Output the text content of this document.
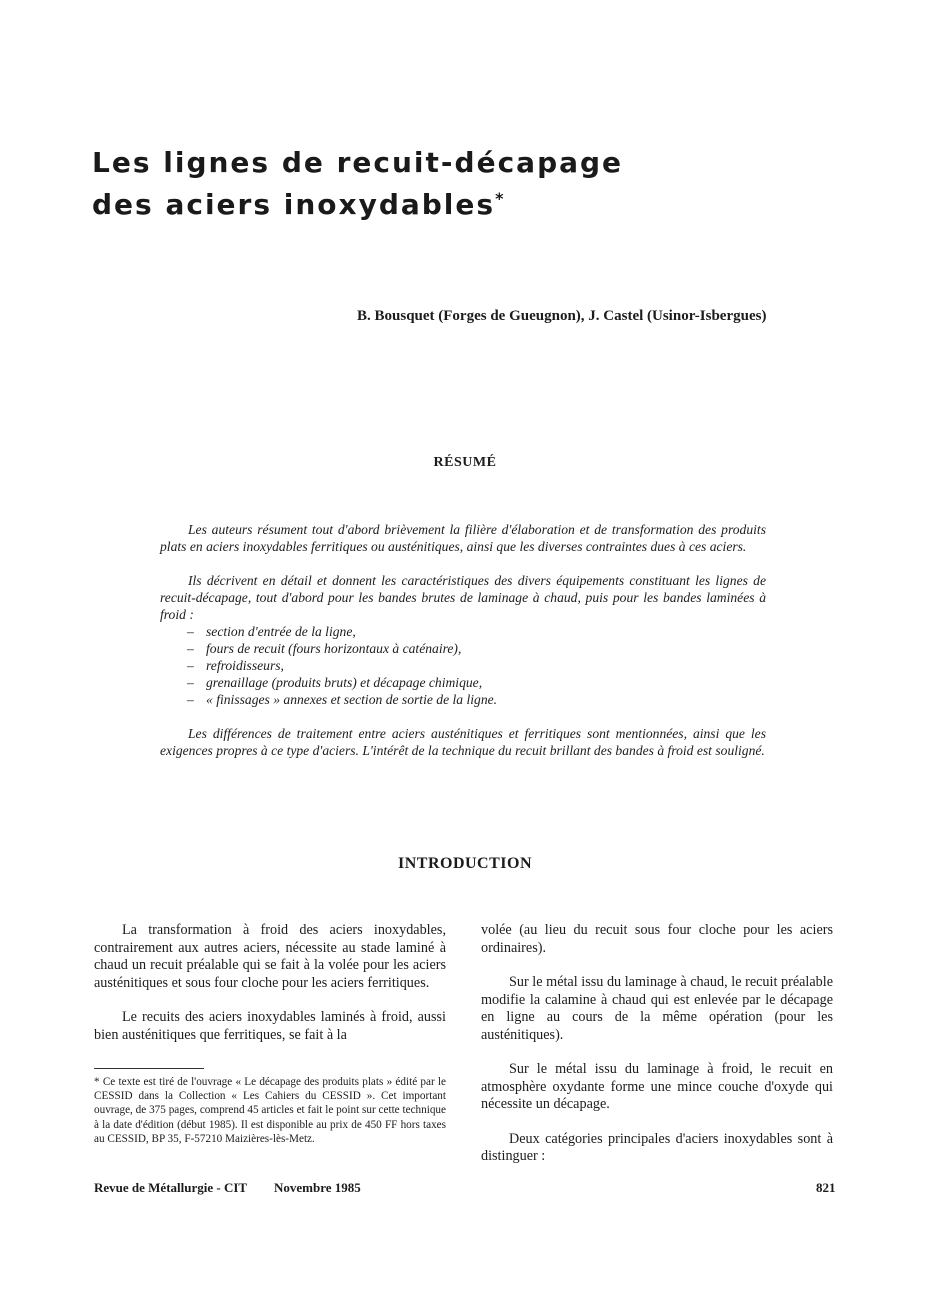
Les lignes de recuit-décapage
des aciers inoxydables*
B. Bousquet (Forges de Gueugnon), J. Castel (Usinor-Isbergues)
RÉSUMÉ

Les auteurs résument tout d'abord brièvement la filière d'élaboration et de transformation des produits plats en aciers inoxydables ferritiques ou austénitiques, ainsi que les diverses contraintes dues à ces aciers.

Ils décrivent en détail et donnent les caractéristiques des divers équipements constituant les lignes de recuit-décapage, tout d'abord pour les bandes brutes de laminage à chaud, puis pour les bandes laminées à froid :

– section d'entrée de la ligne,
– fours de recuit (fours horizontaux à caténaire),
– refroidisseurs,
– grenaillage (produits bruts) et décapage chimique,
– « finissages » annexes et section de sortie de la ligne.

Les différences de traitement entre aciers austénitiques et ferritiques sont mentionnées, ainsi que les exigences propres à ce type d'aciers. L'intérêt de la technique du recuit brillant des bandes à froid est souligné.

INTRODUCTION

La transformation à froid des aciers inoxydables, contrairement aux autres aciers, nécessite au stade laminé à chaud un recuit préalable qui se fait à la volée pour les aciers austénitiques et sous four cloche pour les aciers ferritiques.

Le recuits des aciers inoxydables laminés à froid, aussi bien austénitiques que ferritiques, se fait à la

* Ce texte est tiré de l'ouvrage « Le décapage des produits plats » édité par le CESSID dans la Collection « Les Cahiers du CESSID ». Cet important ouvrage, de 375 pages, comprend 45 articles et fait le point sur cette technique à la date d'édition (début 1985). Il est disponible au prix de 450 FF hors taxes au CESSID, BP 35, F-57210 Maizières-lès-Metz.

volée (au lieu du recuit sous four cloche pour les aciers ordinaires).

Sur le métal issu du laminage à chaud, le recuit préalable modifie la calamine à chaud qui est enlevée par le décapage en ligne au cours de la même opération (pour les austénitiques).

Sur le métal issu du laminage à froid, le recuit en atmosphère oxydante forme une mince couche d'oxyde qui nécessite un décapage.

Deux catégories principales d'aciers inoxydables sont à distinguer :

Revue de Métallurgie - CIT Novembre 1985	821
